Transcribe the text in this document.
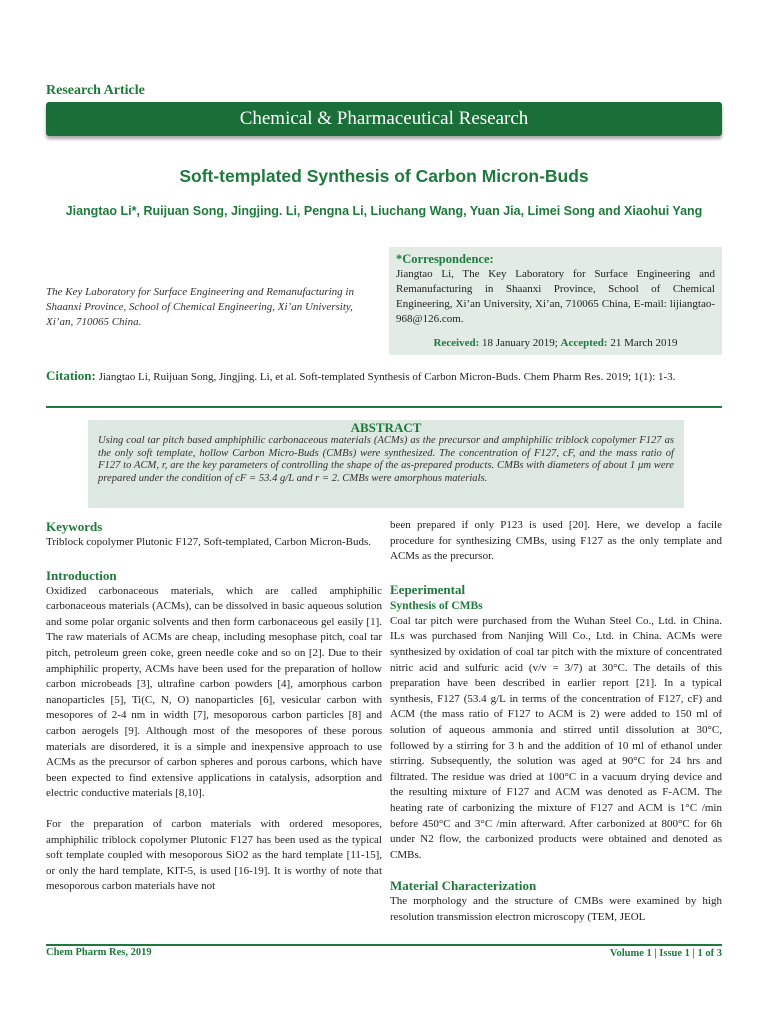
Research Article
Chemical & Pharmaceutical Research
Soft-templated Synthesis of Carbon Micron-Buds
Jiangtao Li*, Ruijuan Song, Jingjing. Li, Pengna Li, Liuchang Wang, Yuan Jia, Limei Song and Xiaohui Yang
The Key Laboratory for Surface Engineering and Remanufacturing in Shaanxi Province, School of Chemical Engineering, Xi’an University, Xi’an, 710065 China.
*Correspondence:
Jiangtao Li, The Key Laboratory for Surface Engineering and Remanufacturing in Shaanxi Province, School of Chemical Engineering, Xi’an University, Xi’an, 710065 China, E-mail: lijiangtao-968@126.com.
Received: 18 January 2019; Accepted: 21 March 2019
Citation: Jiangtao Li, Ruijuan Song, Jingjing. Li, et al. Soft-templated Synthesis of Carbon Micron-Buds. Chem Pharm Res. 2019; 1(1): 1-3.
ABSTRACT
Using coal tar pitch based amphiphilic carbonaceous materials (ACMs) as the precursor and amphiphilic triblock copolymer F127 as the only soft template, hollow Carbon Micro-Buds (CMBs) were synthesized. The concentration of F127, cF, and the mass ratio of F127 to ACM, r, are the key parameters of controlling the shape of the as-prepared products. CMBs with diameters of about 1 μm were prepared under the condition of cF = 53.4 g/L and r = 2. CMBs were amorphous materials.
Keywords

Triblock copolymer Plutonic F127, Soft-templated, Carbon Micron-Buds.

Introduction

Oxidized carbonaceous materials, which are called amphiphilic carbonaceous materials (ACMs), can be dissolved in basic aqueous solution and some polar organic solvents and then form carbonaceous gel easily [1]. The raw materials of ACMs are cheap, including mesophase pitch, coal tar pitch, petroleum green coke, green needle coke and so on [2]. Due to their amphiphilic property, ACMs have been used for the preparation of hollow carbon microbeads [3], ultrafine carbon powders [4], amorphous carbon nanoparticles [5], Ti(C, N, O) nanoparticles [6], vesicular carbon with mesopores of 2-4 nm in width [7], mesoporous carbon particles [8] and carbon aerogels [9]. Although most of the mesopores of these porous materials are disordered, it is a simple and inexpensive approach to use ACMs as the precursor of carbon spheres and porous carbons, which have been expected to find extensive applications in catalysis, adsorption and electric conductive materials [8,10].

For the preparation of carbon materials with ordered mesopores, amphiphilic triblock copolymer Plutonic F127 has been used as the typical soft template coupled with mesoporous SiO2 as the hard template [11-15], or only the hard template, KIT-5, is used [16-19]. It is worthy of note that mesoporous carbon materials have not

been prepared if only P123 is used [20]. Here, we develop a facile procedure for synthesizing CMBs, using F127 as the only template and ACMs as the precursor.

Eeperimental
Synthesis of CMBs

Coal tar pitch were purchased from the Wuhan Steel Co., Ltd. in China. ILs was purchased from Nanjing Will Co., Ltd. in China. ACMs were synthesized by oxidation of coal tar pitch with the mixture of concentrated nitric acid and sulfuric acid (v/v = 3/7) at 30°C. The details of this preparation have been described in earlier report [21]. In a typical synthesis, F127 (53.4 g/L in terms of the concentration of F127, cF) and ACM (the mass ratio of F127 to ACM is 2) were added to 150 ml of solution of aqueous ammonia and stirred until dissolution at 30°C, followed by a stirring for 3 h and the addition of 10 ml of ethanol under stirring. Subsequently, the solution was aged at 90°C for 24 hrs and filtrated. The residue was dried at 100°C in a vacuum drying device and the resulting mixture of F127 and ACM was denoted as F-ACM. The heating rate of carbonizing the mixture of F127 and ACM is 1°C /min before 450°C and 3°C /min afterward. After carbonized at 800°C for 6h under N2 flow, the carbonized products were obtained and denoted as CMBs.

Material Characterization

The morphology and the structure of CMBs were examined by high resolution transmission electron microscopy (TEM, JEOL

Chem Pharm Res, 2019	Volume 1 | Issue 1 | 1 of 3
